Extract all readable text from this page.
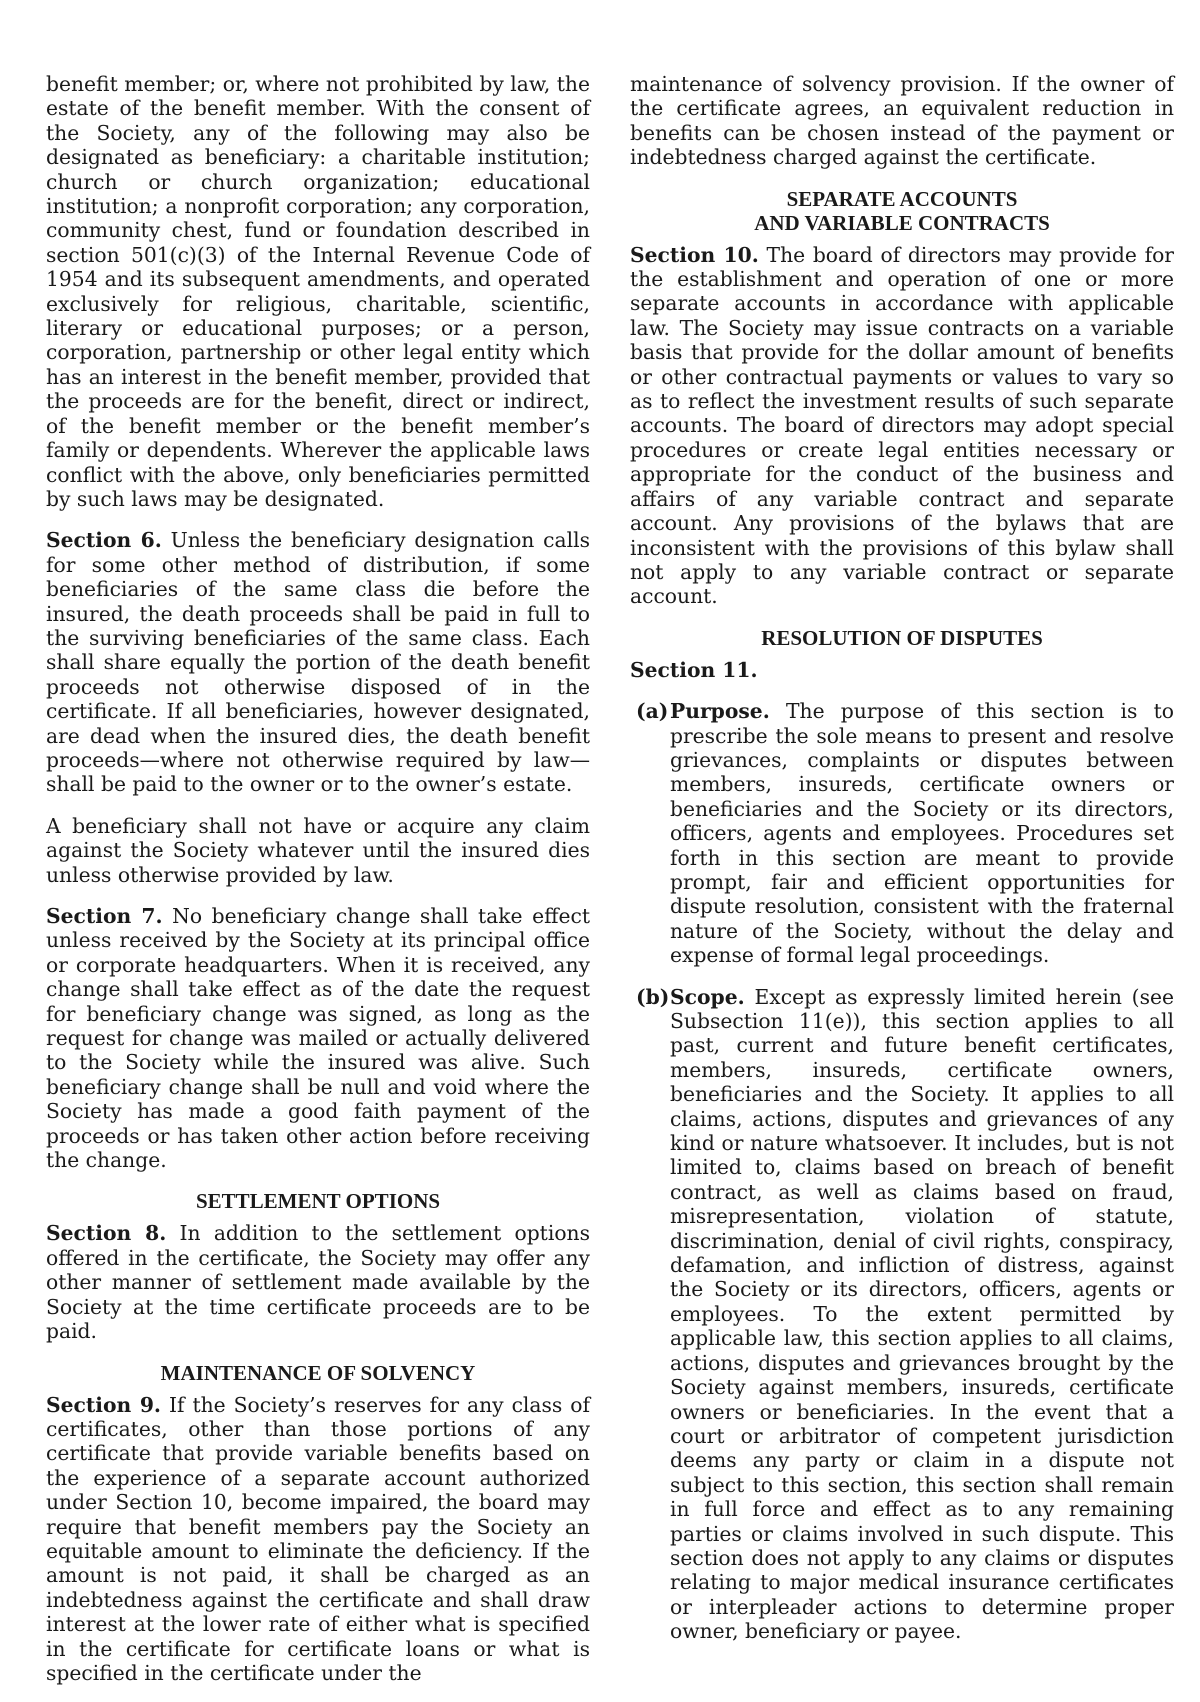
benefit member; or, where not prohibited by law, the estate of the benefit member. With the consent of the Society, any of the following may also be designated as beneficiary: a charitable institution; church or church organization; educational institution; a nonprofit corporation; any corporation, community chest, fund or foundation described in section 501(c)(3) of the Internal Revenue Code of 1954 and its subsequent amendments, and operated exclusively for religious, charitable, scientific, literary or educational purposes; or a person, corporation, partnership or other legal entity which has an interest in the benefit member, provided that the proceeds are for the benefit, direct or indirect, of the benefit member or the benefit member’s family or dependents. Wherever the applicable laws conflict with the above, only beneficiaries permitted by such laws may be designated.

Section 6. Unless the beneficiary designation calls for some other method of distribution, if some beneficiaries of the same class die before the insured, the death proceeds shall be paid in full to the surviving beneficiaries of the same class. Each shall share equally the portion of the death benefit proceeds not otherwise disposed of in the certificate. If all beneficiaries, however designated, are dead when the insured dies, the death benefit proceeds—where not otherwise required by law—shall be paid to the owner or to the owner’s estate.

A beneficiary shall not have or acquire any claim against the Society whatever until the insured dies unless otherwise provided by law.

Section 7. No beneficiary change shall take effect unless received by the Society at its principal office or corporate headquarters. When it is received, any change shall take effect as of the date the request for beneficiary change was signed, as long as the request for change was mailed or actually delivered to the Society while the insured was alive. Such beneficiary change shall be null and void where the Society has made a good faith payment of the proceeds or has taken other action before receiving the change.

SETTLEMENT OPTIONS

Section 8. In addition to the settlement options offered in the certificate, the Society may offer any other manner of settlement made available by the Society at the time certificate proceeds are to be paid.

MAINTENANCE OF SOLVENCY

Section 9. If the Society’s reserves for any class of certificates, other than those portions of any certificate that provide variable benefits based on the experience of a separate account authorized under Section 10, become impaired, the board may require that benefit members pay the Society an equitable amount to eliminate the deficiency. If the amount is not paid, it shall be charged as an indebtedness against the certificate and shall draw interest at the lower rate of either what is specified in the certificate for certificate loans or what is specified in the certificate under the

maintenance of solvency provision. If the owner of the certificate agrees, an equivalent reduction in benefits can be chosen instead of the payment or indebtedness charged against the certificate.

SEPARATE ACCOUNTS
AND VARIABLE CONTRACTS

Section 10. The board of directors may provide for the establishment and operation of one or more separate accounts in accordance with applicable law. The Society may issue contracts on a variable basis that provide for the dollar amount of benefits or other contractual payments or values to vary so as to reflect the investment results of such separate accounts. The board of directors may adopt special procedures or create legal entities necessary or appropriate for the conduct of the business and affairs of any variable contract and separate account. Any provisions of the bylaws that are inconsistent with the provisions of this bylaw shall not apply to any variable contract or separate account.

RESOLUTION OF DISPUTES

Section 11.

(a) Purpose. The purpose of this section is to prescribe the sole means to present and resolve grievances, complaints or disputes between members, insureds, certificate owners or beneficiaries and the Society or its directors, officers, agents and employees. Procedures set forth in this section are meant to provide prompt, fair and efficient opportunities for dispute resolution, consistent with the fraternal nature of the Society, without the delay and expense of formal legal proceedings.
(b) Scope. Except as expressly limited herein (see Subsection 11(e)), this section applies to all past, current and future benefit certificates, members, insureds, certificate owners, beneficiaries and the Society. It applies to all claims, actions, disputes and grievances of any kind or nature whatsoever. It includes, but is not limited to, claims based on breach of benefit contract, as well as claims based on fraud, misrepresentation, violation of statute, discrimination, denial of civil rights, conspiracy, defamation, and infliction of distress, against the Society or its directors, officers, agents or employees. To the extent permitted by applicable law, this section applies to all claims, actions, disputes and grievances brought by the Society against members, insureds, certificate owners or beneficiaries. In the event that a court or arbitrator of competent jurisdiction deems any party or claim in a dispute not subject to this section, this section shall remain in full force and effect as to any remaining parties or claims involved in such dispute. This section does not apply to any claims or disputes relating to major medical insurance certificates or interpleader actions to determine proper owner, beneficiary or payee.
